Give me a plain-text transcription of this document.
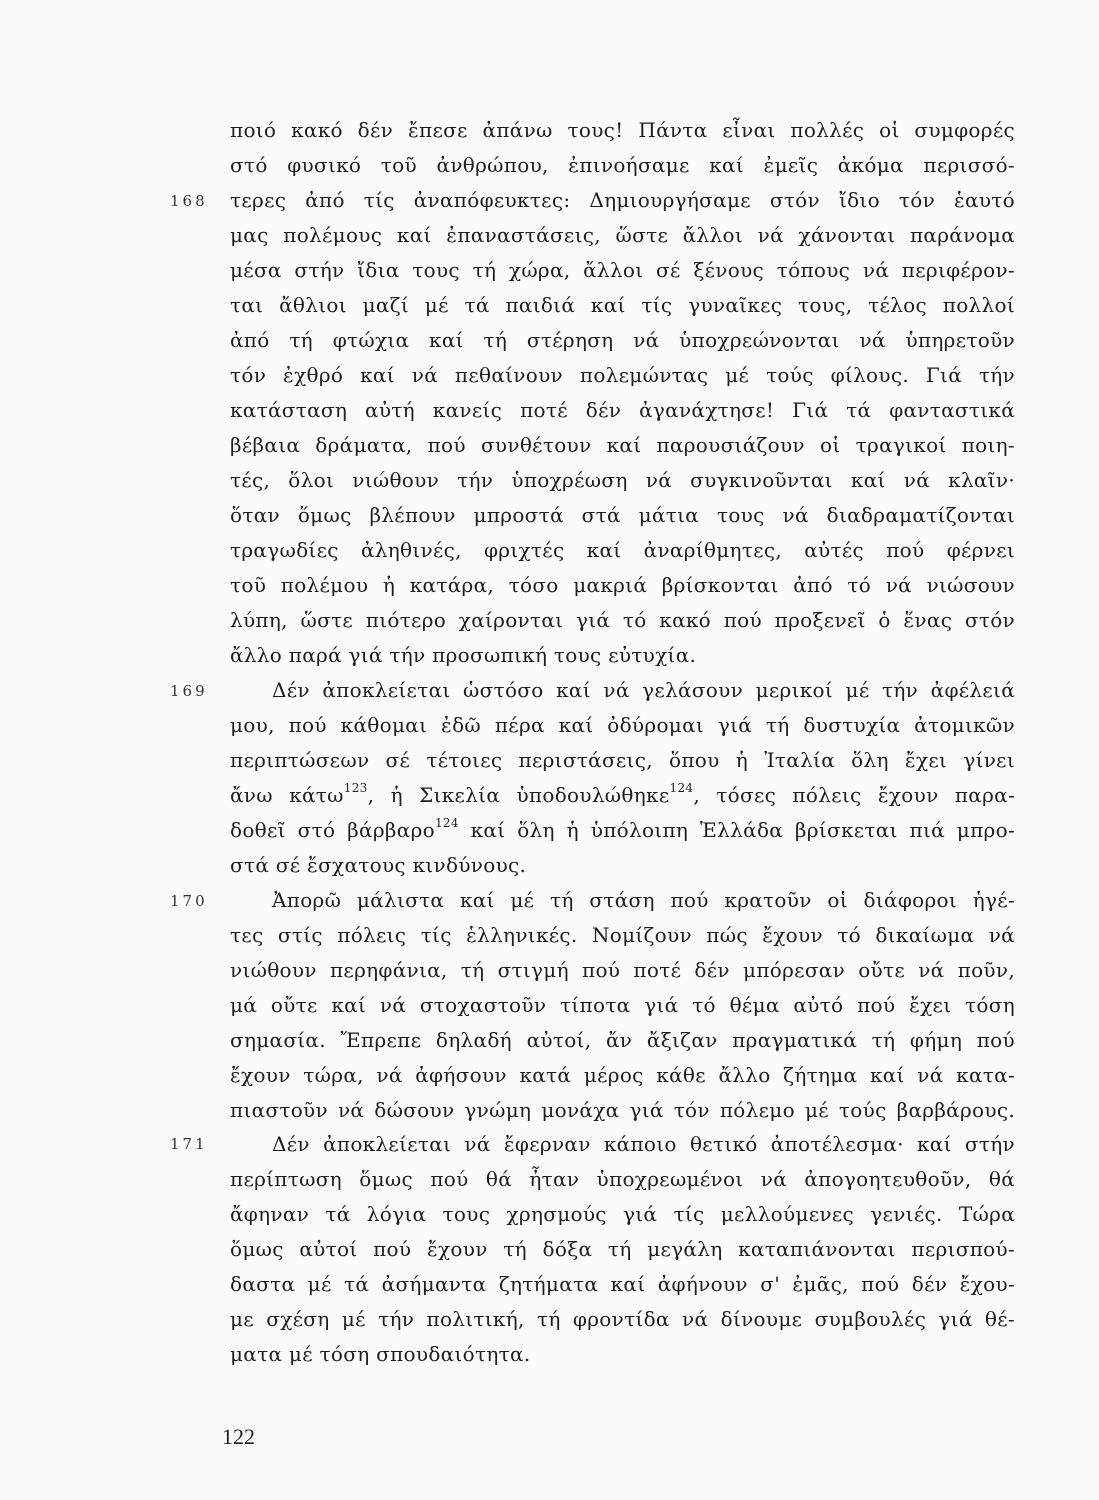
168
169
170
171
ποιό κακό δέν ἔπεσε ἀπάνω τους! Πάντα εἶναι πολλές οἱ συμφορές
στό φυσικό τοῦ ἀνθρώπου, ἐπινοήσαμε καί ἐμεῖς ἀκόμα περισσό-
τερες ἀπό τίς ἀναπόφευκτες: Δημιουργήσαμε στόν ἴδιο τόν ἑαυτό
μας πολέμους καί ἐπαναστάσεις, ὥστε ἄλλοι νά χάνονται παράνομα
μέσα στήν ἴδια τους τή χώρα, ἄλλοι σέ ξένους τόπους νά περιφέρον-
ται ἄθλιοι μαζί μέ τά παιδιά καί τίς γυναῖκες τους, τέλος πολλοί
ἀπό τή φτώχια καί τή στέρηση νά ὑποχρεώνονται νά ὑπηρετοῦν
τόν ἐχθρό καί νά πεθαίνουν πολεμώντας μέ τούς φίλους. Γιά τήν
κατάσταση αὐτή κανείς ποτέ δέν ἀγανάχτησε! Γιά τά φανταστικά
βέβαια δράματα, πού συνθέτουν καί παρουσιάζουν οἱ τραγικοί ποιη-
τές, ὅλοι νιώθουν τήν ὑποχρέωση νά συγκινοῦνται καί νά κλαῖν·
ὅταν ὅμως βλέπουν μπροστά στά μάτια τους νά διαδραματίζονται
τραγωδίες ἀληθινές, φριχτές καί ἀναρίθμητες, αὐτές πού φέρνει
τοῦ πολέμου ἡ κατάρα, τόσο μακριά βρίσκονται ἀπό τό νά νιώσουν
λύπη, ὥστε πιότερο χαίρονται γιά τό κακό πού προξενεῖ ὁ ἕνας στόν
ἄλλο παρά γιά τήν προσωπική τους εὐτυχία.
Δέν ἀποκλείεται ὡστόσο καί νά γελάσουν μερικοί μέ τήν ἀφέλειά
μου, πού κάθομαι ἐδῶ πέρα καί ὀδύρομαι γιά τή δυστυχία ἀτομικῶν
περιπτώσεων σέ τέτοιες περιστάσεις, ὅπου ἡ Ἰταλία ὅλη ἔχει γίνει
ἄνω κάτω$^{123}$, ἡ Σικελία ὑποδουλώθηκε$^{124}$, τόσες πόλεις ἔχουν παρα-
δοθεῖ στό βάρβαρο$^{124}$ καί ὅλη ἡ ὑπόλοιπη Ἑλλάδα βρίσκεται πιά μπρο-
στά σέ ἔσχατους κινδύνους.
Ἀπορῶ μάλιστα καί μέ τή στάση πού κρατοῦν οἱ διάφοροι ἡγέ-
τες στίς πόλεις τίς ἑλληνικές. Νομίζουν πώς ἔχουν τό δικαίωμα νά
νιώθουν περηφάνια, τή στιγμή πού ποτέ δέν μπόρεσαν οὔτε νά ποῦν,
μά οὔτε καί νά στοχαστοῦν τίποτα γιά τό θέμα αὐτό πού ἔχει τόση
σημασία. Ἔπρεπε δηλαδή αὐτοί, ἄν ἄξιζαν πραγματικά τή φήμη πού
ἔχουν τώρα, νά ἀφήσουν κατά μέρος κάθε ἄλλο ζήτημα καί νά κατα-
πιαστοῦν νά δώσουν γνώμη μονάχα γιά τόν πόλεμο μέ τούς βαρβάρους.
Δέν ἀποκλείεται νά ἔφερναν κάποιο θετικό ἀποτέλεσμα· καί στήν
περίπτωση ὅμως πού θά ἦταν ὑποχρεωμένοι νά ἀπογοητευθοῦν, θά
ἄφηναν τά λόγια τους χρησμούς γιά τίς μελλούμενες γενιές. Τώρα
ὅμως αὐτοί πού ἔχουν τή δόξα τή μεγάλη καταπιάνονται περισπού-
δαστα μέ τά ἀσήμαντα ζητήματα καί ἀφήνουν σ' ἐμᾶς, πού δέν ἔχου-
με σχέση μέ τήν πολιτική, τή φροντίδα νά δίνουμε συμβουλές γιά θέ-
ματα μέ τόση σπουδαιότητα.
122
